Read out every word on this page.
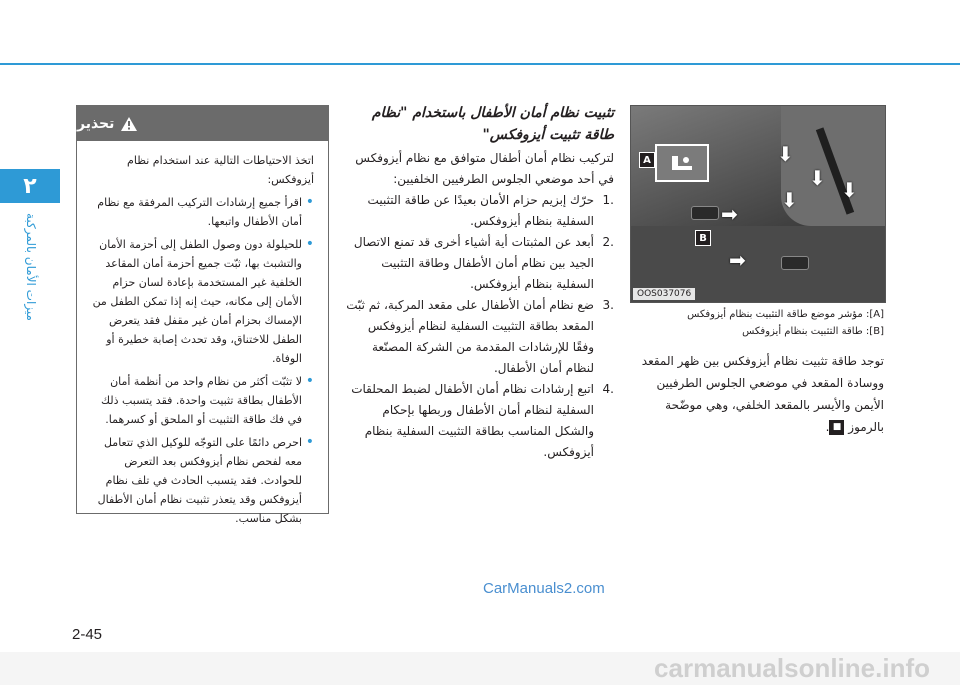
٢
ميزات الأمان بالمركبة
A
B
⬇
⬇
⬇ ⬇
➡
➡
OOS037076
[A]: مؤشر موضع طاقة التثبيت بنظام أيزوفكس
[B]: طاقة التثبيت بنظام أيزوفكس
توجد طاقة تثبيت نظام أيزوفكس بين ظهر المقعد ووسادة المقعد في موضعي الجلوس الطرفيين الأيمن والأيسر بالمقعد الخلفي، وهي موضّحة بالرموز ■.
تثبيت نظام أمان الأطفال باستخدام "نظام طاقة تثبيت أيزوفكس"
لتركيب نظام أمان أطفال متوافق مع نظام أيزوفكس في أحد موضعي الجلوس الطرفيين الخلفيين:
1.
حرّك إبزيم حزام الأمان بعيدًا عن طاقة التثبيت السفلية بنظام أيزوفكس.
2.
أبعد عن المثبتات أية أشياء أخرى قد تمنع الاتصال الجيد بين نظام أمان الأطفال وطاقة التثبيت السفلية بنظام أيزوفكس.
3.
ضع نظام أمان الأطفال على مقعد المركبة، ثم ثبّت المقعد بطاقة التثبيت السفلية لنظام أيزوفكس وفقًا للإرشادات المقدمة من الشركة المصنّعة لنظام أمان الأطفال.
4.
اتبع إرشادات نظام أمان الأطفال لضبط المحلقات السفلية لنظام أمان الأطفال وربطها بإحكام والشكل المناسب بطاقة التثبيت السفلية بنظام أيزوفكس.
تحذير

اتخذ الاحتياطات التالية عند استخدام نظام أيزوفكس:

• اقرأ جميع إرشادات التركيب المرفقة مع نظام أمان الأطفال واتبعها.
• للحيلولة دون وصول الطفل إلى أحزمة الأمان والتشبث بها، ثبّت جميع أحزمة أمان المقاعد الخلفية غير المستخدمة بإعادة لسان حزام الأمان إلى مكانه، حيث إنه إذا تمكن الطفل من الإمساك بحزام أمان غير مقفل فقد يتعرض الطفل للاختناق، وقد تحدث إصابة خطيرة أو الوفاة.
• لا تثبّت أكثر من نظام واحد من أنظمة أمان الأطفال بطاقة تثبيت واحدة. فقد يتسبب ذلك في فك طاقة التثبيت أو الملحق أو كسرهما.
• احرص دائمًا على التوجّه للوكيل الذي تتعامل معه لفحص نظام أيزوفكس بعد التعرض للحوادث. فقد يتسبب الحادث في تلف نظام أيزوفكس وقد يتعذر تثبيت نظام أمان الأطفال بشكل مناسب.
CarManuals2.com
2-45
carmanualsonline.info
